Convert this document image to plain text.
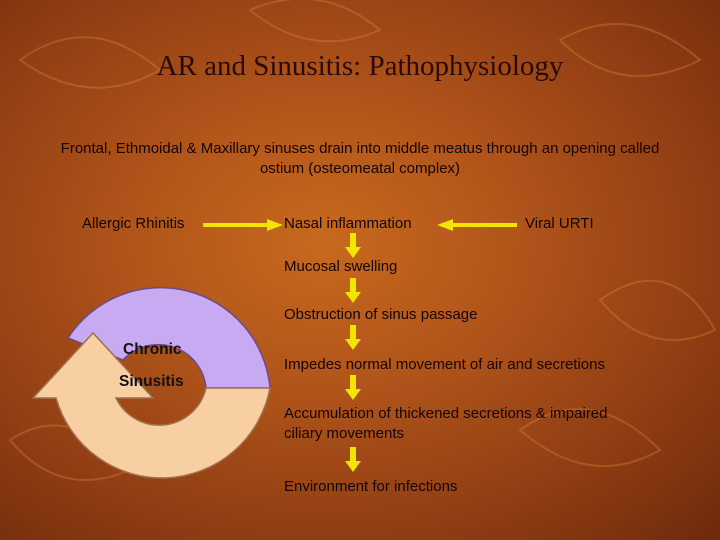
AR and Sinusitis: Pathophysiology
Frontal, Ethmoidal & Maxillary sinuses drain into middle meatus through an opening called ostium (osteomeatal complex)
Allergic Rhinitis	Nasal inflammation	Viral URTI
Mucosal swelling
Obstruction of sinus passage
Impedes normal movement of air and secretions
Accumulation of thickened secretions & impaired ciliary movements
Environment for infections
Chronic
Sinusitis
